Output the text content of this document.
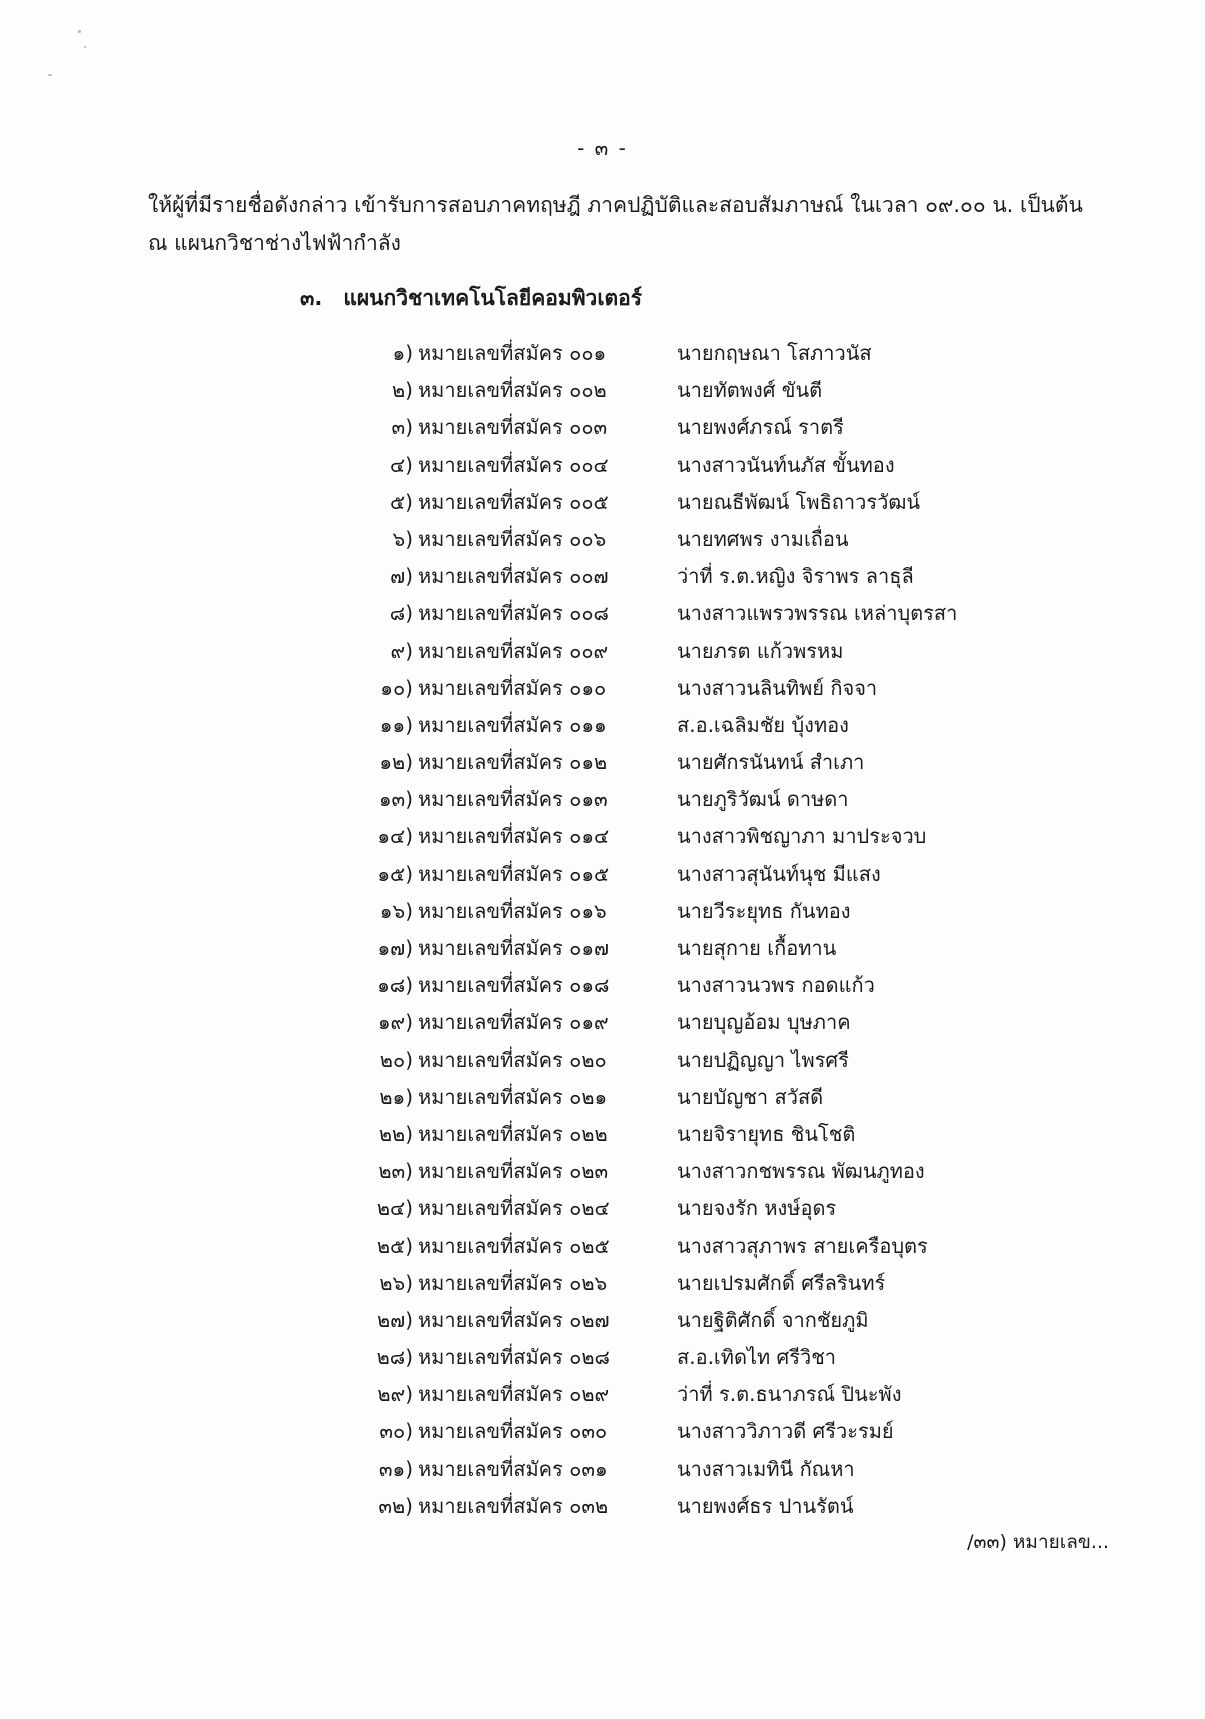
- ๓ -

ให้ผู้ที่มีรายชื่อดังกล่าว เข้ารับการสอบภาคทฤษฎี ภาคปฏิบัติและสอบสัมภาษณ์ ในเวลา ๐๙.๐๐ น. เป็นต้น

ณ แผนกวิชาช่างไฟฟ้ากำลัง

๓. แผนกวิชาเทคโนโลยีคอมพิวเตอร์
๑) หมายเลขที่สมัคร ๐๐๑	นายกฤษณา โสภาวนัส
๒) หมายเลขที่สมัคร ๐๐๒	นายทัตพงศ์ ขันตี
๓) หมายเลขที่สมัคร ๐๐๓	นายพงศ์ภรณ์ ราตรี
๔) หมายเลขที่สมัคร ๐๐๔	นางสาวนันท์นภัส ขั้นทอง
๕) หมายเลขที่สมัคร ๐๐๕	นายณธีพัฒน์ โพธิถาวรวัฒน์
๖) หมายเลขที่สมัคร ๐๐๖	นายทศพร งามเถื่อน
๗) หมายเลขที่สมัคร ๐๐๗	ว่าที่ ร.ต.หญิง จิราพร ลาธุลี
๘) หมายเลขที่สมัคร ๐๐๘	นางสาวแพรวพรรณ เหล่าบุตรสา
๙) หมายเลขที่สมัคร ๐๐๙	นายภรต แก้วพรหม
๑๐) หมายเลขที่สมัคร ๐๑๐	นางสาวนลินทิพย์ กิจจา
๑๑) หมายเลขที่สมัคร ๐๑๑	ส.อ.เฉลิมชัย บุ้งทอง
๑๒) หมายเลขที่สมัคร ๐๑๒	นายศักรนันทน์ สำเภา
๑๓) หมายเลขที่สมัคร ๐๑๓	นายภูริวัฒน์ ดาษดา
๑๔) หมายเลขที่สมัคร ๐๑๔	นางสาวพิชญาภา มาประจวบ
๑๕) หมายเลขที่สมัคร ๐๑๕	นางสาวสุนันท์นุช มีแสง
๑๖) หมายเลขที่สมัคร ๐๑๖	นายวีระยุทธ กันทอง
๑๗) หมายเลขที่สมัคร ๐๑๗	นายสุกาย เกื้อทาน
๑๘) หมายเลขที่สมัคร ๐๑๘	นางสาวนวพร กอดแก้ว
๑๙) หมายเลขที่สมัคร ๐๑๙	นายบุญอ้อม บุษภาค
๒๐) หมายเลขที่สมัคร ๐๒๐	นายปฏิญญา ไพรศรี
๒๑) หมายเลขที่สมัคร ๐๒๑	นายบัญชา สวัสดี
๒๒) หมายเลขที่สมัคร ๐๒๒	นายจิรายุทธ ชินโชติ
๒๓) หมายเลขที่สมัคร ๐๒๓	นางสาวกชพรรณ พัฒนภูทอง
๒๔) หมายเลขที่สมัคร ๐๒๔	นายจงรัก หงษ์อุดร
๒๕) หมายเลขที่สมัคร ๐๒๕	นางสาวสุภาพร สายเครือบุตร
๒๖) หมายเลขที่สมัคร ๐๒๖	นายเปรมศักดิ์ ศรีลรินทร์
๒๗) หมายเลขที่สมัคร ๐๒๗	นายฐิติศักดิ์ จากชัยภูมิ
๒๘) หมายเลขที่สมัคร ๐๒๘	ส.อ.เทิดไท ศรีวิชา
๒๙) หมายเลขที่สมัคร ๐๒๙	ว่าที่ ร.ต.ธนาภรณ์ ปินะพัง
๓๐) หมายเลขที่สมัคร ๐๓๐	นางสาววิภาวดี ศรีวะรมย์
๓๑) หมายเลขที่สมัคร ๐๓๑	นางสาวเมทินี กัณหา
๓๒) หมายเลขที่สมัคร ๐๓๒	นายพงศ์ธร ปานรัตน์
/๓๓) หมายเลข...
